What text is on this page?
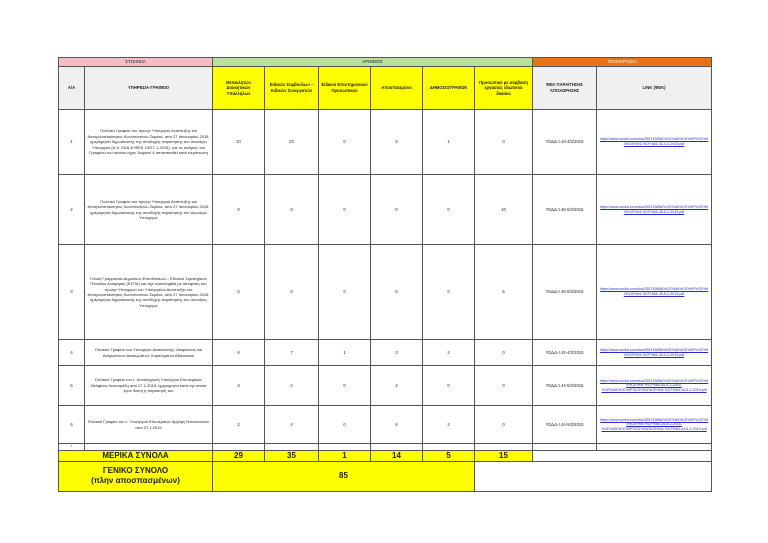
ΣΤΟΙΧΕΙΑ		ΑΡΙΘΜΟΣ						ΤΕΚΜΗΡΙΩΣΗ	
Α/Α	ΥΠΗΡΕΣΙΑ-ΓΡΑΦΕΙΟ	Μετακλητών Διοικητικών Υπαλλήλων	Ειδικών Συμβούλων – Ειδικών Συνεργατών	Ειδικού Επιστημονικού Προσωπικού	Αποσπασμένοι	ΔΗΜΟΣΙΟΓΡΑΦΩΝ	Προσωπικό με σύμβαση εργασίας ιδιωτικού δικαίου	ΦΕΚ ΠΑΡΑΙΤΗΣΗΣ ΑΠΟΧΩΡΗΣΗΣ	LINK (ΦΕΚ)
1	Πολιτικό Γραφείο του πρώην Υπουργού Ανάπτυξης και Ανταγωνιστικότητας Κωνσταντίνου Σκρέκα, από 27 Ιανουαρίου 2015, ημερομηνία δημοσίευσης της αποδοχής παραίτησης του ανωτέρω Υπουργού (π.δ. 23/Α.Α'/ΦΕΚ 19/27-1-2015), για τις ανάγκες του Γραφείου του οποίου είχαν διαμετεί 4 αποσπασθεί κατά περίπτωση	10	22	0	5	1	0	ΥΟΔΔ-τ.43-4/2/2015	https://www.scribd.com/doc/255743856/%CE%A5%CE%9F%CE%94%CE%94-%CF%84-43-4-2-2015.pdf
2	Πολιτικό Γραφείο του πρώην Υπουργού Ανάπτυξης και Ανταγωνιστικότητας Κωνσταντίνου Σκρέκα, από 27 Ιανουαρίου 2015, ημερομηνία δημοσίευσης της αποδοχής παραίτησης του ανωτέρω Υπουργού	0	0	0	0	0	10	ΥΟΔΔ-τ.45-5/2/2015	https://www.scribd.com/doc/255743856/%CE%A5%CE%9F%CE%94%CE%94-%CF%84-45-5-2-2015.pdf
3	Γενική Γραμματεία Δημοσίων Επενδύσεων – Εθνικού Στρατηγικού Πλαισίου Αναφοράς (ΕΣΠΑ) και είχε προσληφθεί με απόφαση του πρώην Υπουργού του Υπουργείου Ανάπτυξης και Ανταγωνιστικότητας Κωνσταντίνου Σκρέκα, από 27 Ιανουαρίου 2015, ημερομηνία δημοσίευσης της αποδοχής παραίτησης του ανωτέρω Υπουργού	0	0	0	0	0	5	ΥΟΔΔ-τ.45-5/2/2015	https://www.scribd.com/doc/255743856/%CE%A5%CE%9F%CE%94%CE%94-%CF%84-45-5-2-2015.pdf
4	Πολιτικό Γραφείο του Υπουργού Δικαιοσύνης, Διαφάνειας και Ανθρωπίνων Δικαιωμάτων Χαράλαμπου Αθανασίου	6	7	1	3	2	0	ΥΟΔΔ-τ.42-4/2/2015	https://www.scribd.com/doc/255743856/%CE%A5%CE%9F%CE%94%CE%94-%CF%84-42-4-2-2015.pdf
5	Πολιτικό Γραφείο του τ. Αναπληρωτή Υπουργού Εσωτερικών Θεόφιλου Λεονταρίδη από 27.1.2015, ημερομηνία κατά την οποία έγινε δεκτή η παραίτησή του	3	2	0	2	0	0	ΥΟΔΔ-τ.44-5/2/2015	https://www.scribd.com/doc/255743856/%CE%A5%CE%9F%CE%94%CE%94-%CF%84-44-5-2-2015-%CE%A5%CE%9F%CE%94%CE%94-%CF%84-44-5-2-2015.pdf
6	Πολιτικό Γραφείο του τ. Υπουργού Εσωτερικών Αργύρη Ντινόπουλου από 27.1.2015	2	4	0	6	2	0	ΥΟΔΔ-τ.44-5/2/2015	https://www.scribd.com/doc/255743856/%CE%A5%CE%9F%CE%94%CE%94-%CF%84-44-5-2-2015-%CE%A5%CE%9F%CE%94%CE%94-%CF%84-44-5-2-2015.pdf
7									
ΜΕΡΙΚΑ ΣΥΝΟΛΑ		29	35	1	14	5	15		

ΓΕΝΙΚΟ ΣΥΝΟΛΟ
(πλην αποσπασμένων)		85							
